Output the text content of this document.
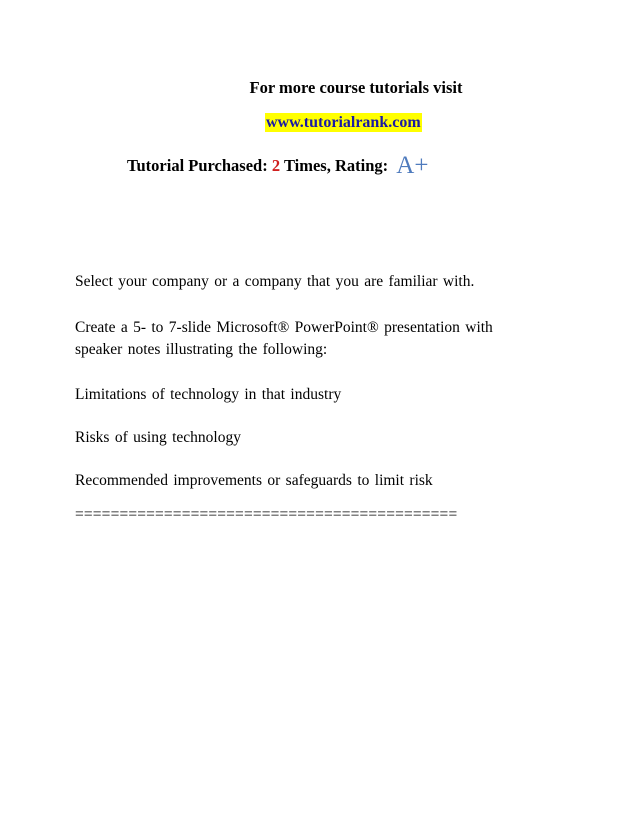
For more course tutorials visit
www.tutorialrank.com
Tutorial Purchased: 2 Times, Rating: A+
Select your company or a company that you are familiar with.
Create a 5- to 7-slide Microsoft® PowerPoint® presentation with
speaker notes illustrating the following:
Limitations of technology in that industry
Risks of using technology
Recommended improvements or safeguards to limit risk
===========================================
